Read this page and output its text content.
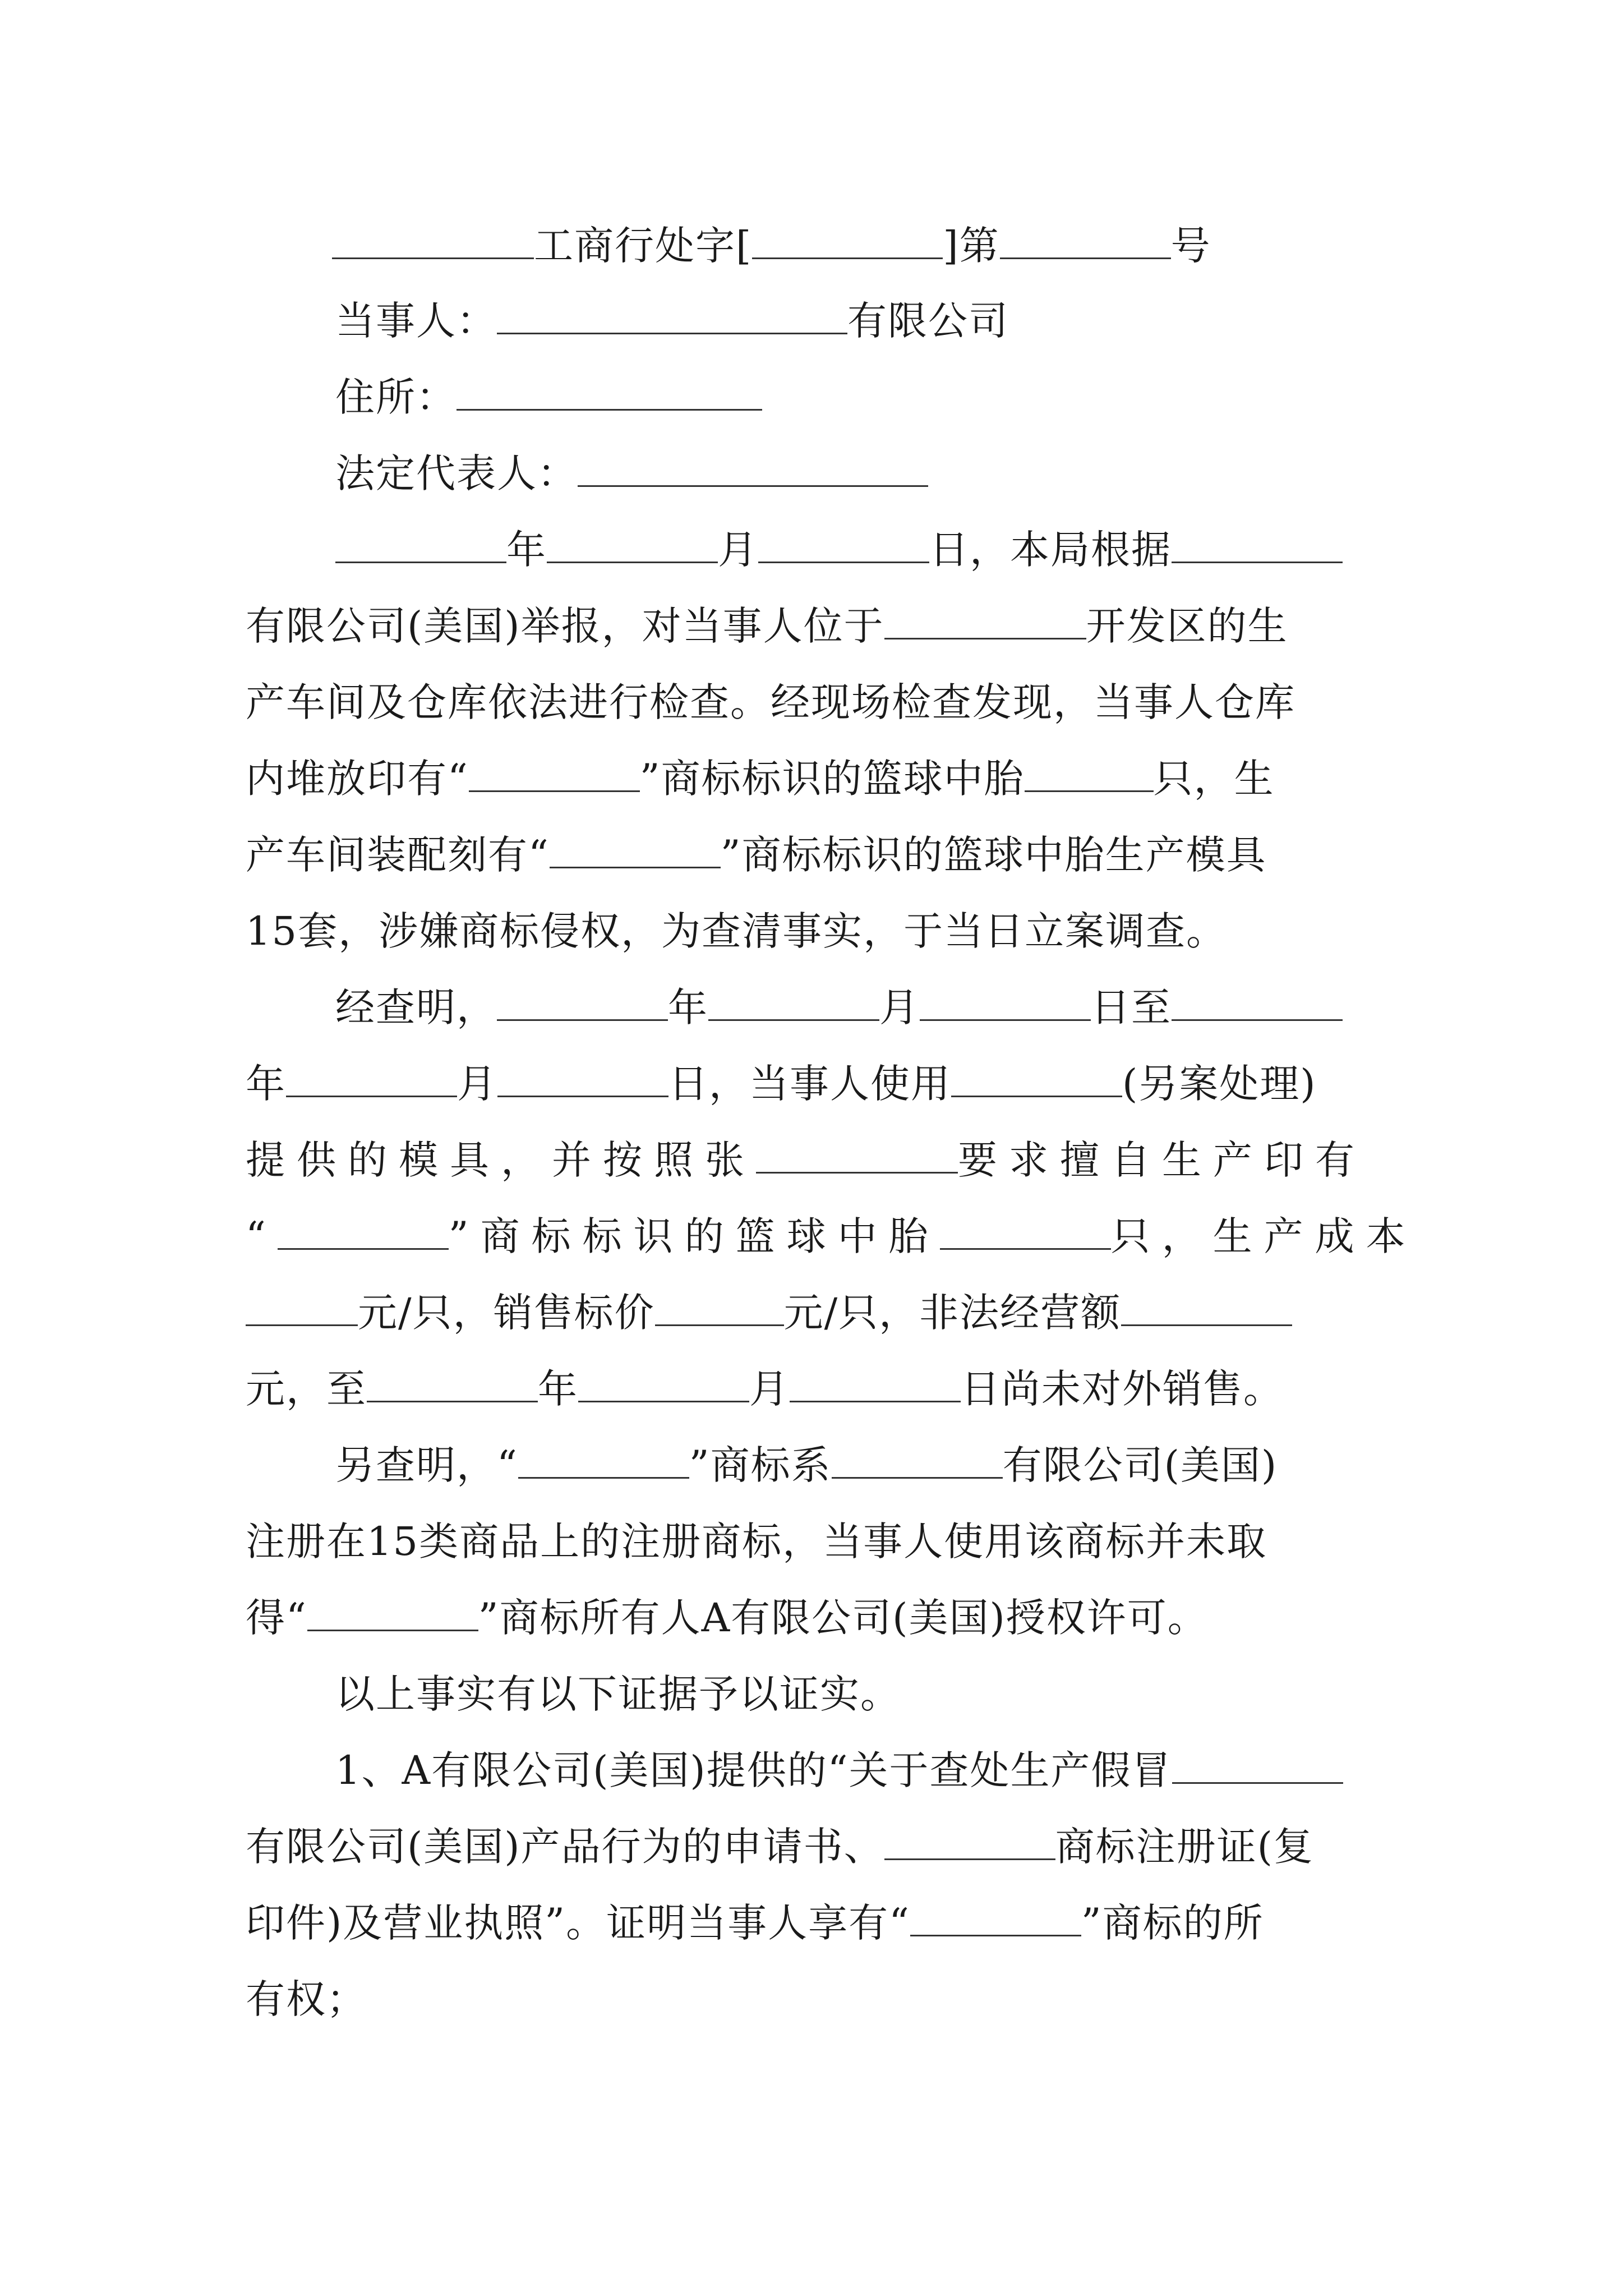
工商行处字[	]第	号
当事人：	有限公司
住所：
法定代表人：
年	月	日，本局根据
有限公司(美国)举报，对当事人位于	开发区的生
产车间及仓库依法进行检查。经现场检查发现，当事人仓库
内堆放印有“	”商标标识的篮球中胎	只，生
产车间装配刻有“	”商标标识的篮球中胎生产模具
15套，涉嫌商标侵权，为查清事实，于当日立案调查。
经查明，	年	月	日至
年	月	日，当事人使用	(另案处理)
提供的模具，并按照张	要求擅自生产印有
“	”商标标识的篮球中胎	只，生产成本
元/只，销售标价	元/只，非法经营额
元，至	年	月	日尚未对外销售。
另查明，“	”商标系	有限公司(美国)
注册在15类商品上的注册商标，当事人使用该商标并未取
得“	”商标所有人A有限公司(美国)授权许可。
以上事实有以下证据予以证实。
1、A有限公司(美国)提供的“关于查处生产假冒
有限公司(美国)产品行为的申请书、	商标注册证(复
印件)及营业执照”。证明当事人享有“	”商标的所
有权；
